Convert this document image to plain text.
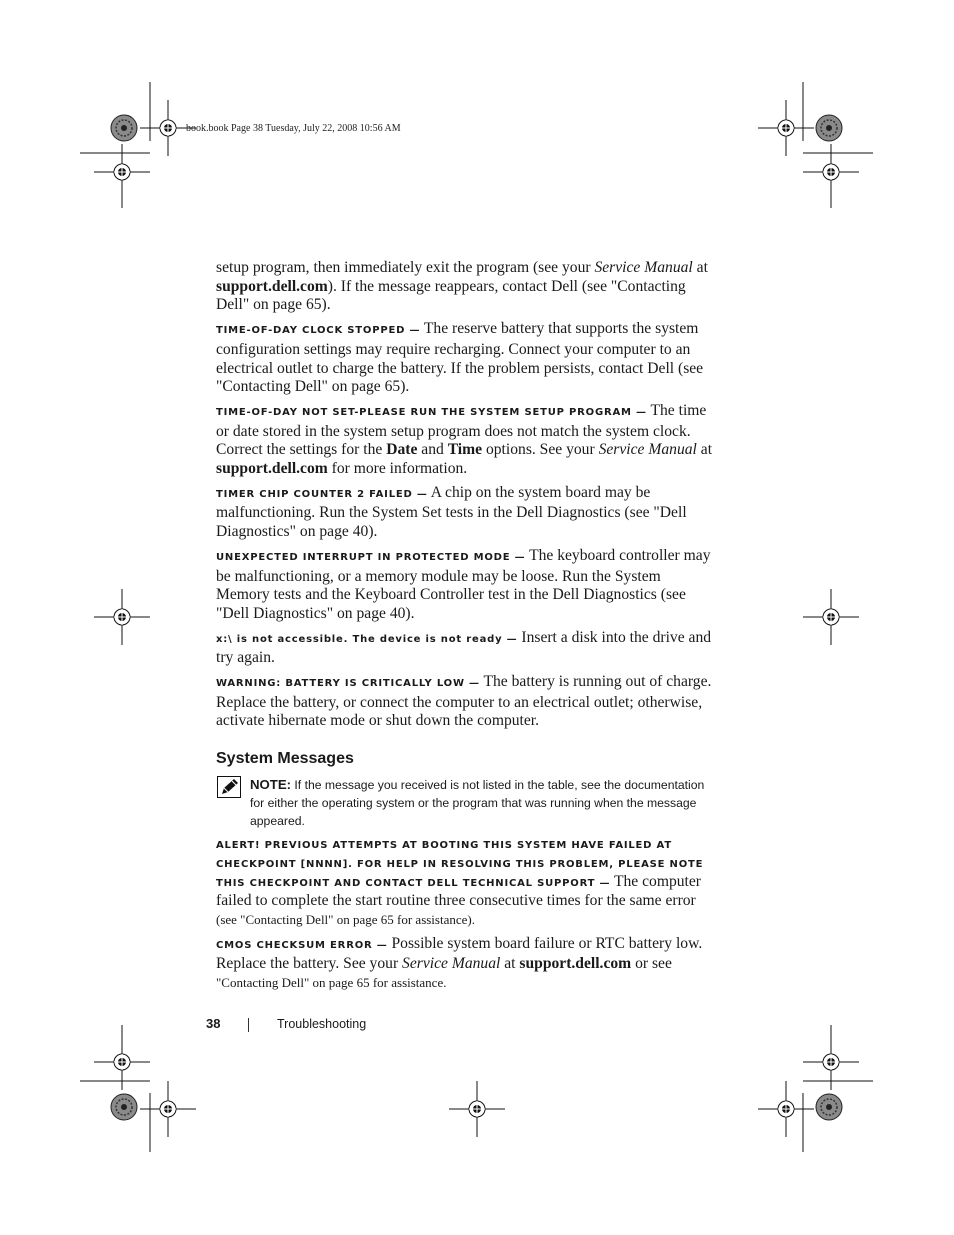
book.book Page 38 Tuesday, July 22, 2008 10:56 AM

setup program, then immediately exit the program (see your Service Manual at support.dell.com). If the message reappears, contact Dell (see "Contacting Dell" on page 65).

TIME-OF-DAY CLOCK STOPPED — The reserve battery that supports the system configuration settings may require recharging. Connect your computer to an electrical outlet to charge the battery. If the problem persists, contact Dell (see "Contacting Dell" on page 65).

TIME-OF-DAY NOT SET-PLEASE RUN THE SYSTEM SETUP PROGRAM — The time or date stored in the system setup program does not match the system clock. Correct the settings for the Date and Time options. See your Service Manual at support.dell.com for more information.

TIMER CHIP COUNTER 2 FAILED — A chip on the system board may be malfunctioning. Run the System Set tests in the Dell Diagnostics (see "Dell Diagnostics" on page 40).

UNEXPECTED INTERRUPT IN PROTECTED MODE — The keyboard controller may be malfunctioning, or a memory module may be loose. Run the System Memory tests and the Keyboard Controller test in the Dell Diagnostics (see "Dell Diagnostics" on page 40).

x:\ is not accessible. The device is not ready — Insert a disk into the drive and try again.

WARNING: BATTERY IS CRITICALLY LOW — The battery is running out of charge. Replace the battery, or connect the computer to an electrical outlet; otherwise, activate hibernate mode or shut down the computer.

System Messages
NOTE: If the message you received is not listed in the table, see the documentation for either the operating system or the program that was running when the message appeared.

ALERT! PREVIOUS ATTEMPTS AT BOOTING THIS SYSTEM HAVE FAILED AT CHECKPOINT [NNNN]. FOR HELP IN RESOLVING THIS PROBLEM, PLEASE NOTE THIS CHECKPOINT AND CONTACT DELL TECHNICAL SUPPORT — The computer failed to complete the start routine three consecutive times for the same error (see "Contacting Dell" on page 65 for assistance).

CMOS CHECKSUM ERROR — Possible system board failure or RTC battery low. Replace the battery. See your Service Manual at support.dell.com or see "Contacting Dell" on page 65 for assistance.

38	Troubleshooting
